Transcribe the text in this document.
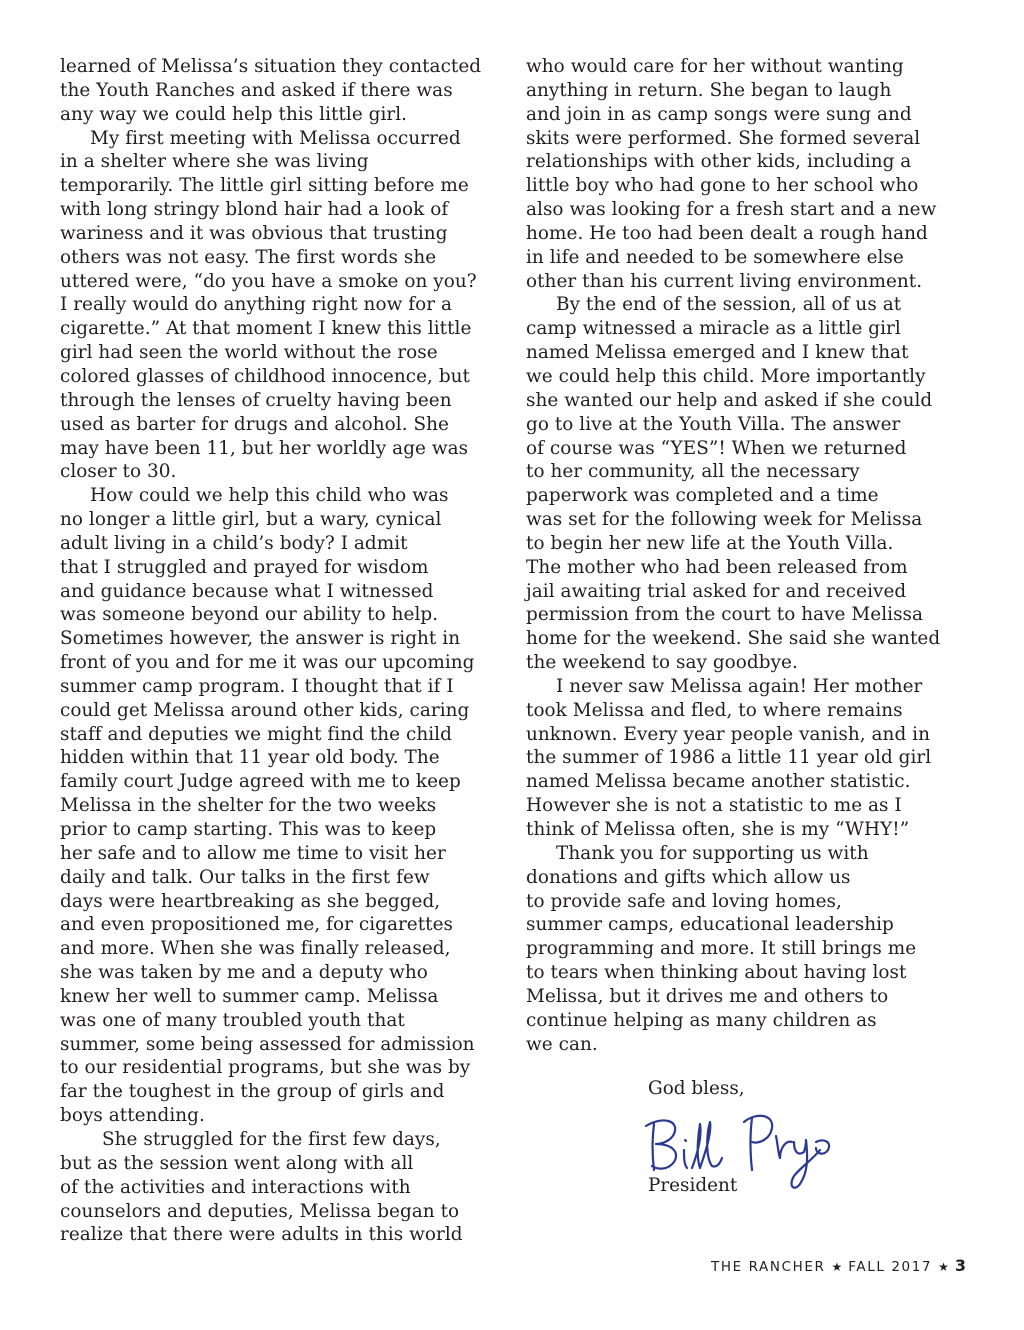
learned of Melissa’s situation they contacted
the Youth Ranches and asked if there was
any way we could help this little girl.
My first meeting with Melissa occurred
in a shelter where she was living
temporarily. The little girl sitting before me
with long stringy blond hair had a look of
wariness and it was obvious that trusting
others was not easy. The first words she
uttered were, “do you have a smoke on you?
I really would do anything right now for a
cigarette.” At that moment I knew this little
girl had seen the world without the rose
colored glasses of childhood innocence, but
through the lenses of cruelty having been
used as barter for drugs and alcohol. She
may have been 11, but her worldly age was
closer to 30.
How could we help this child who was
no longer a little girl, but a wary, cynical
adult living in a child’s body? I admit
that I struggled and prayed for wisdom
and guidance because what I witnessed
was someone beyond our ability to help.
Sometimes however, the answer is right in
front of you and for me it was our upcoming
summer camp program. I thought that if I
could get Melissa around other kids, caring
staff and deputies we might find the child
hidden within that 11 year old body. The
family court Judge agreed with me to keep
Melissa in the shelter for the two weeks
prior to camp starting. This was to keep
her safe and to allow me time to visit her
daily and talk. Our talks in the first few
days were heartbreaking as she begged,
and even propositioned me, for cigarettes
and more. When she was finally released,
she was taken by me and a deputy who
knew her well to summer camp. Melissa
was one of many troubled youth that
summer, some being assessed for admission
to our residential programs, but she was by
far the toughest in the group of girls and
boys attending.
She struggled for the first few days,
but as the session went along with all
of the activities and interactions with
counselors and deputies, Melissa began to
realize that there were adults in this world
who would care for her without wanting
anything in return. She began to laugh
and join in as camp songs were sung and
skits were performed. She formed several
relationships with other kids, including a
little boy who had gone to her school who
also was looking for a fresh start and a new
home. He too had been dealt a rough hand
in life and needed to be somewhere else
other than his current living environment.
By the end of the session, all of us at
camp witnessed a miracle as a little girl
named Melissa emerged and I knew that
we could help this child. More importantly
she wanted our help and asked if she could
go to live at the Youth Villa. The answer
of course was “YES”! When we returned
to her community, all the necessary
paperwork was completed and a time
was set for the following week for Melissa
to begin her new life at the Youth Villa.
The mother who had been released from
jail awaiting trial asked for and received
permission from the court to have Melissa
home for the weekend. She said she wanted
the weekend to say goodbye.
I never saw Melissa again! Her mother
took Melissa and fled, to where remains
unknown. Every year people vanish, and in
the summer of 1986 a little 11 year old girl
named Melissa became another statistic.
However she is not a statistic to me as I
think of Melissa often, she is my “WHY!”
Thank you for supporting us with
donations and gifts which allow us
to provide safe and loving homes,
summer camps, educational leadership
programming and more. It still brings me
to tears when thinking about having lost
Melissa, but it drives me and others to
continue helping as many children as
we can.
God bless,
Bill Pryor
President
THE RANCHER ★ FALL 2017 ★ 3
